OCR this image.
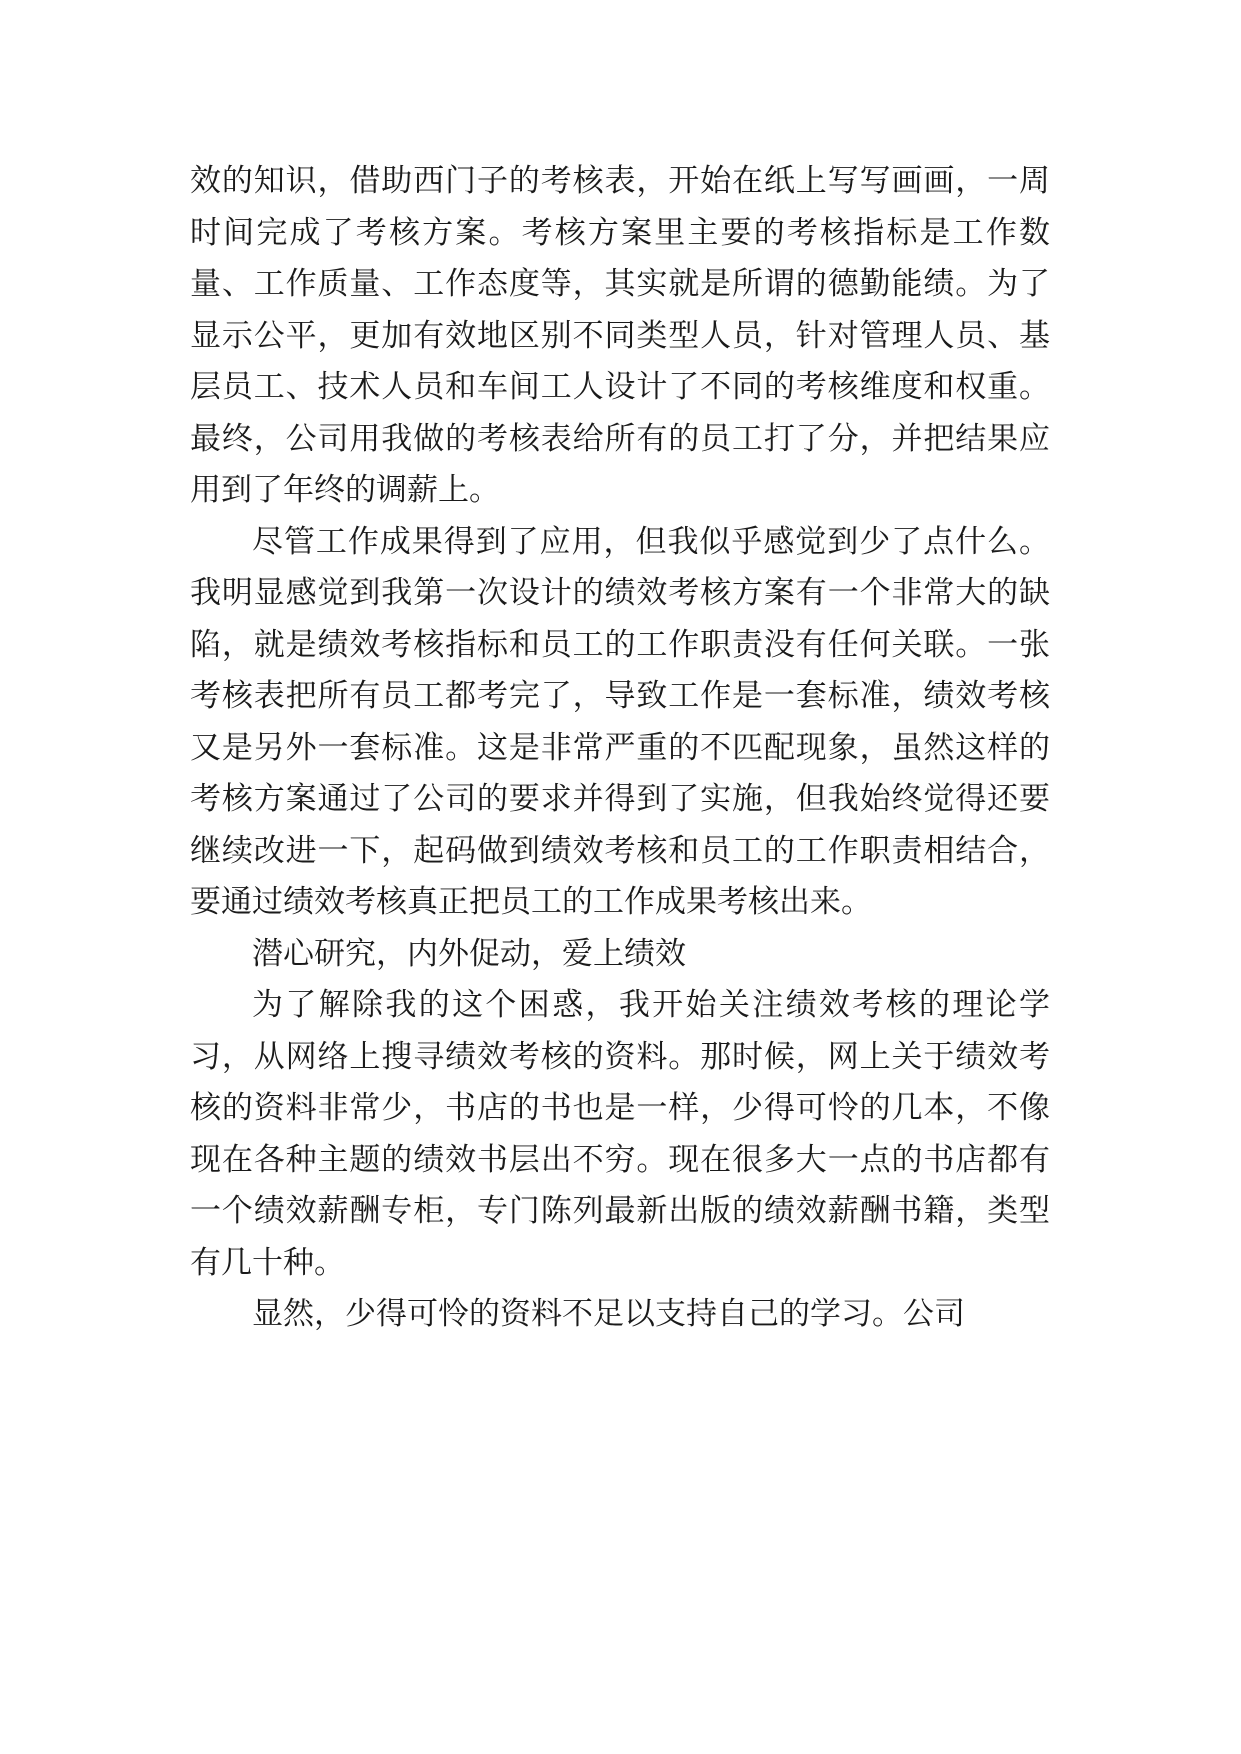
效的知识，借助西门子的考核表，开始在纸上写写画画，一周时间完成了考核方案。考核方案里主要的考核指标是工作数量、工作质量、工作态度等，其实就是所谓的德勤能绩。为了显示公平，更加有效地区别不同类型人员，针对管理人员、基层员工、技术人员和车间工人设计了不同的考核维度和权重。最终，公司用我做的考核表给所有的员工打了分，并把结果应用到了年终的调薪上。

尽管工作成果得到了应用，但我似乎感觉到少了点什么。我明显感觉到我第一次设计的绩效考核方案有一个非常大的缺陷，就是绩效考核指标和员工的工作职责没有任何关联。一张考核表把所有员工都考完了，导致工作是一套标准，绩效考核又是另外一套标准。这是非常严重的不匹配现象，虽然这样的考核方案通过了公司的要求并得到了实施，但我始终觉得还要继续改进一下，起码做到绩效考核和员工的工作职责相结合，要通过绩效考核真正把员工的工作成果考核出来。

潜心研究，内外促动，爱上绩效

为了解除我的这个困惑，我开始关注绩效考核的理论学习，从网络上搜寻绩效考核的资料。那时候，网上关于绩效考核的资料非常少，书店的书也是一样，少得可怜的几本，不像现在各种主题的绩效书层出不穷。现在很多大一点的书店都有一个绩效薪酬专柜，专门陈列最新出版的绩效薪酬书籍，类型有几十种。

显然，少得可怜的资料不足以支持自己的学习。公司
